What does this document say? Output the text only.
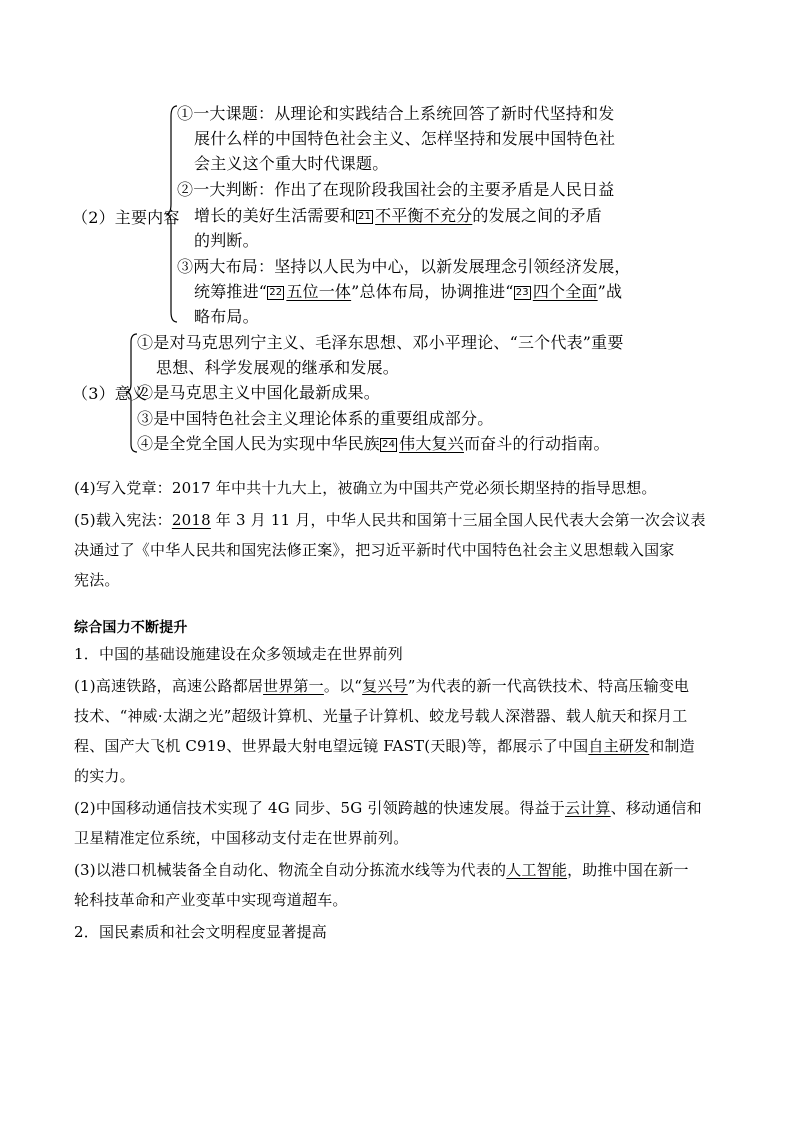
（2）主要内容
①一大课题：从理论和实践结合上系统回答了新时代坚持和发
展什么样的中国特色社会主义、怎样坚持和发展中国特色社
会主义这个重大时代课题。
②一大判断：作出了在现阶段我国社会的主要矛盾是人民日益
增长的美好生活需要和 21 不平衡不充分的发展之间的矛盾
的判断。
③两大布局：坚持以人民为中心，以新发展理念引领经济发展，
统筹推进“ 22 五位一体”总体布局，协调推进“ 23 四个全面”战
略布局。
（3）意义
①是对马克思列宁主义、毛泽东思想、邓小平理论、“三个代表”重要
思想、科学发展观的继承和发展。
②是马克思主义中国化最新成果。
③是中国特色社会主义理论体系的重要组成部分。
④是全党全国人民为实现中华民族 24 伟大复兴而奋斗的行动指南。
(4)写入党章：2017 年中共十九大上，被确立为中国共产党必须长期坚持的指导思想。
(5)载入宪法：2018 年 3 月 11 月，中华人民共和国第十三届全国人民代表大会第一次会议表
决通过了《中华人民共和国宪法修正案》，把习近平新时代中国特色社会主义思想载入国家
宪法。
综合国力不断提升
1．中国的基础设施建设在众多领域走在世界前列
(1)高速铁路，高速公路都居世界第一。以“复兴号”为代表的新一代高铁技术、特高压输变电
技术、“神威·太湖之光”超级计算机、光量子计算机、蛟龙号载人深潜器、载人航天和探月工
程、国产大飞机 C919、世界最大射电望远镜 FAST(天眼)等，都展示了中国自主研发和制造
的实力。
(2)中国移动通信技术实现了 4G 同步、5G 引领跨越的快速发展。得益于云计算、移动通信和
卫星精准定位系统，中国移动支付走在世界前列。
(3)以港口机械装备全自动化、物流全自动分拣流水线等为代表的人工智能，助推中国在新一
轮科技革命和产业变革中实现弯道超车。
2．国民素质和社会文明程度显著提高
